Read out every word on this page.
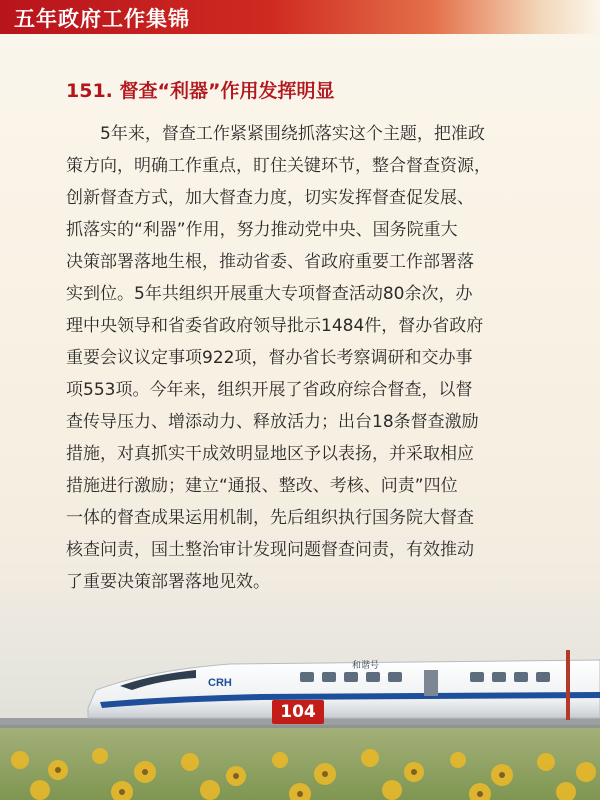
五年政府工作集锦
151. 督查“利器”作用发挥明显
5年来，督查工作紧紧围绕抓落实这个主题，把准政
策方向，明确工作重点，盯住关键环节，整合督查资源，
创新督查方式，加大督查力度，切实发挥督查促发展、
抓落实的“利器”作用，努力推动党中央、国务院重大
决策部署落地生根，推动省委、省政府重要工作部署落
实到位。5年共组织开展重大专项督查活动80余次，办
理中央领导和省委省政府领导批示1484件，督办省政府
重要会议议定事项922项，督办省长考察调研和交办事
项553项。今年来，组织开展了省政府综合督查，以督
查传导压力、增添动力、释放活力；出台18条督查激励
措施，对真抓实干成效明显地区予以表扬，并采取相应
措施进行激励；建立“通报、整改、考核、问责”四位
一体的督查成果运用机制，先后组织执行国务院大督查
核查问责，国土整治审计发现问题督查问责，有效推动
了重要决策部署落地见效。
CRH
和谐号
104
